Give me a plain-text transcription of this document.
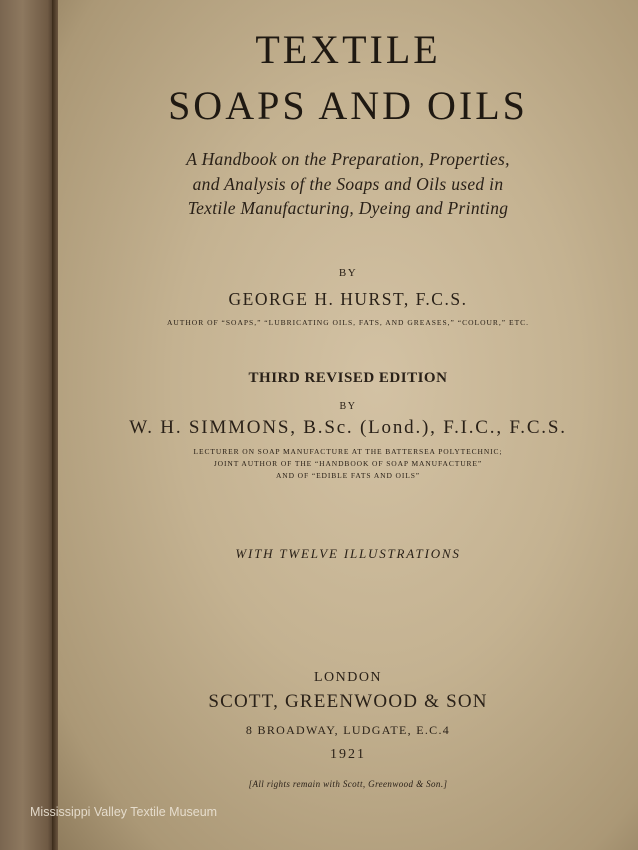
TEXTILE
SOAPS AND OILS
A Handbook on the Preparation, Properties,
and Analysis of the Soaps and Oils used in
Textile Manufacturing, Dyeing and Printing
BY
GEORGE H. HURST, F.C.S.
AUTHOR OF “SOAPS,” “LUBRICATING OILS, FATS, AND GREASES,” “COLOUR,” ETC.
THIRD REVISED EDITION
BY
W. H. SIMMONS, B.Sc. (Lond.), F.I.C., F.C.S.
LECTURER ON SOAP MANUFACTURE AT THE BATTERSEA POLYTECHNIC;
JOINT AUTHOR OF THE “HANDBOOK OF SOAP MANUFACTURE”
AND OF “EDIBLE FATS AND OILS”
WITH TWELVE ILLUSTRATIONS
LONDON
SCOTT, GREENWOOD & SON
8 BROADWAY, LUDGATE, E.C.4
1921
[All rights remain with Scott, Greenwood & Son.]
Mississippi Valley Textile Museum
